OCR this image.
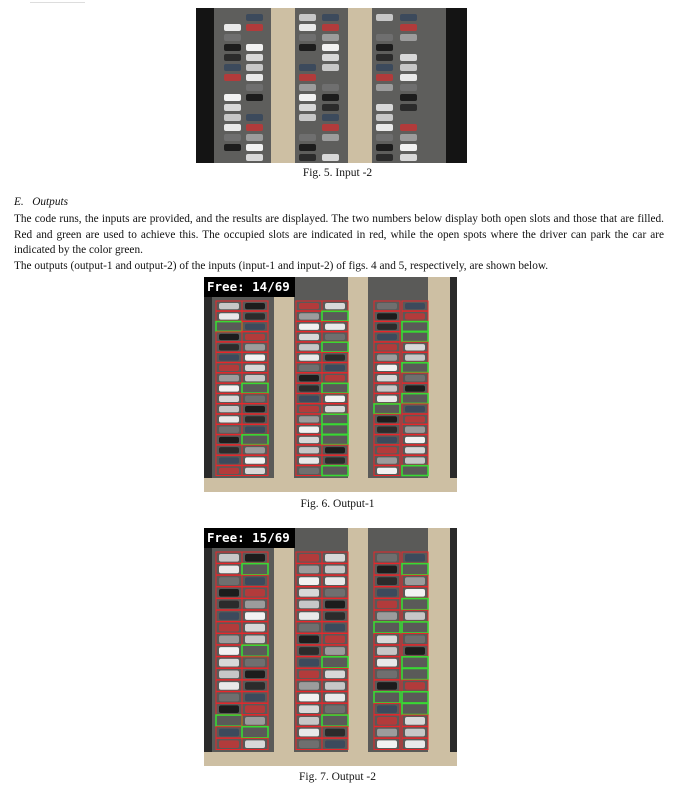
Fig. 5. Input -2
E. Outputs
The code runs, the inputs are provided, and the results are displayed. The two numbers below display both open slots and those that are filled. Red and green are used to achieve this. The occupied slots are indicated in red, while the open spots where the driver can park the car are indicated by the color green.
The outputs (output-1 and output-2) of the inputs (input-1 and input-2) of figs. 4 and 5, respectively, are shown below.
Free: 14/69
Fig. 6. Output-1
Free: 15/69
Fig. 7. Output -2
